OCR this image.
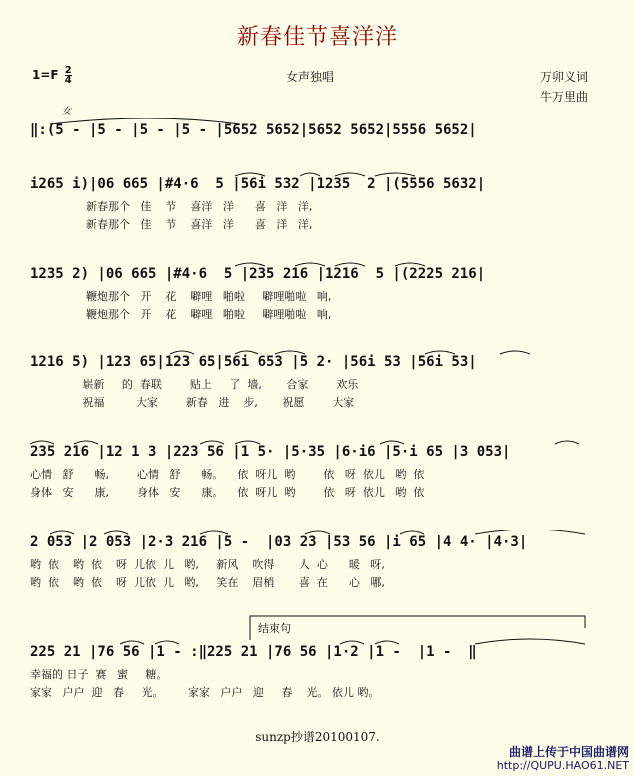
新春佳节喜洋洋
$1=F \frac{2}{4}$	女声独唱	万卯义词
牛万里曲
女
‖:(5 - |5 - |5 - |5 - |5652 5652|5652 5652|5556 5652|
i265 i)|06 665 |#4·6  5 |56i 532 |1235  2 |(5556 5632|
新春那个   佳    节    喜洋   洋      喜   洋   洋,
新春那个   佳    节    喜洋   洋      喜   洋   洋,
1235 2) |06 665 |#4·6  5 |235 216 |1216  5 |(2225 216|
鞭炮那个   开    花    噼哩   啪啦     噼哩啪啦   响,
鞭炮那个   开    花    噼哩   啪啦     噼哩啪啦   响,
1216 5) |123 65|123 65|56i 653 |5 2· |56i 53 |56i 53|
崭新     的  春联        贴上     了  墙,       合家        欢乐
祝福         大家        新春   进    步,       祝愿        大家
235 216 |12 1 3 |223 56 |1 5· |5·35 |6·i6 |5·i 65 |3 053|
心情   舒      畅,        心情   舒      畅。    依  呀儿  哟        依   呀  依儿   哟  依
身体   安      康,        身体   安      康。    依  呀儿  哟        依   呀  依儿   哟  依
2 053 |2 053 |2·3 216 |5 -  |03 23 |53 56 |i 65 |4 4· |4·3|
哟  依    哟  依    呀  儿依  儿   哟,     新风    吹得       人  心      暖   呀,
哟  依    哟  依    呀  儿依  儿   哟,     笑在    眉梢       喜  在      心   哪,
结束句
225 21 |76 56 |1 - :‖225 21 |76 56 |1·2 |1 -  |1 -  ‖
幸福的 日子  赛   蜜     糖。
家家   户户  迎   春     光。       家家   户户   迎     春    光。 依儿 哟。
sunzp抄谱20100107.
曲谱上传于中国曲谱网
http://QUPU.HAO61.NET
